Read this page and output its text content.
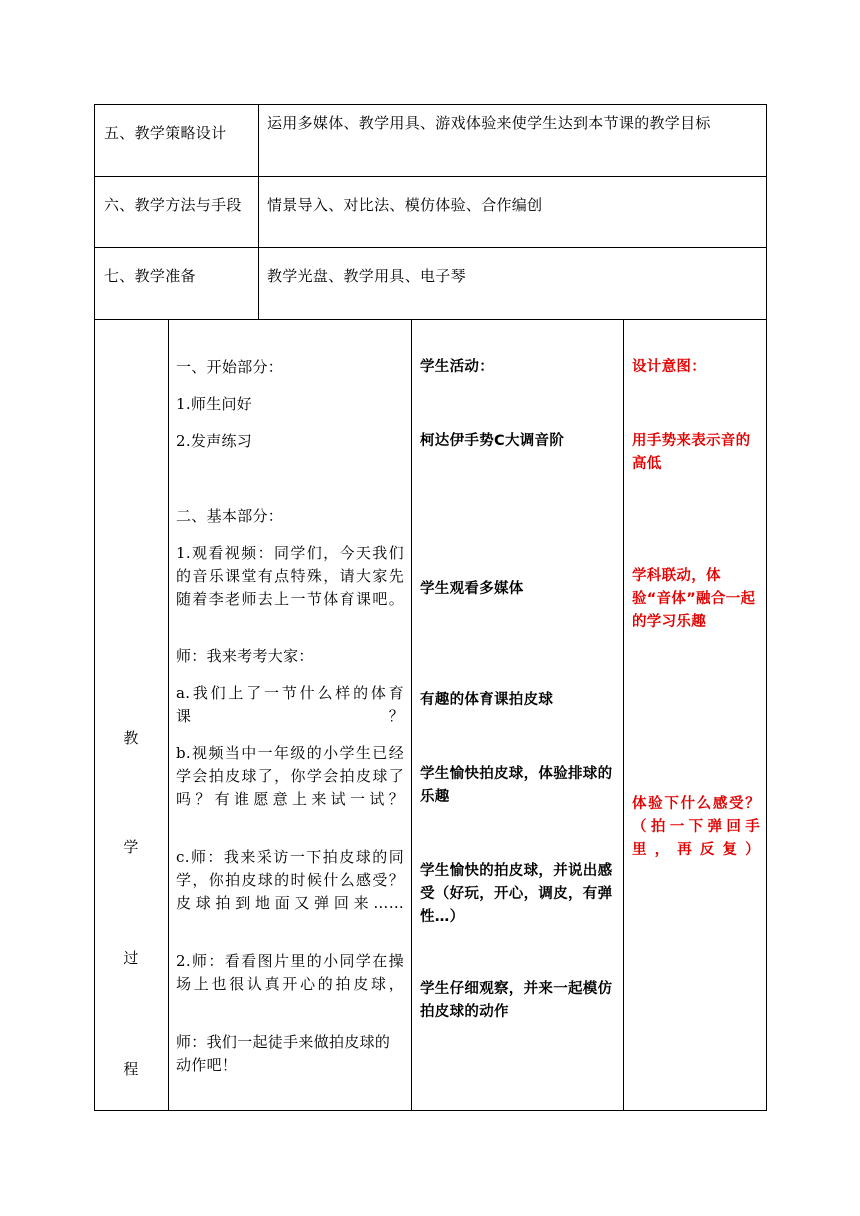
五、教学策略设计
运用多媒体、教学用具、游戏体验来使学生达到本节课的教学目标
六、教学方法与手段 情景导入、对比法、模仿体验、合作编创
七、教学准备	教学光盘、教学用具、电子琴
教
学
过
程
一、开始部分：
1.师生问好
2.发声练习
二、基本部分：
1.观看视频：同学们，今天我们的音乐课堂有点特殊，请大家先随着李老师去上一节体育课吧。
师：我来考考大家：
a.我们上了一节什么样的体育课？
b.视频当中一年级的小学生已经学会拍皮球了，你学会拍皮球了吗？有谁愿意上来试一试？
c.师：我来采访一下拍皮球的同学，你拍皮球的时候什么感受？皮球拍到地面又弹回来……
2.师：看看图片里的小同学在操场上也很认真开心的拍皮球，
师：我们一起徒手来做拍皮球的动作吧！
学生活动：
柯达伊手势C大调音阶
学生观看多媒体
有趣的体育课拍皮球
学生愉快拍皮球，体验排球的乐趣
学生愉快的拍皮球，并说出感受（好玩，开心，调皮，有弹性…）
学生仔细观察，并来一起模仿拍皮球的动作
设计意图：
用手势来表示音的高低
学科联动，体验“音体”融合一起的学习乐趣
体验下什么感受？（拍一下弹回手里，再反复）
